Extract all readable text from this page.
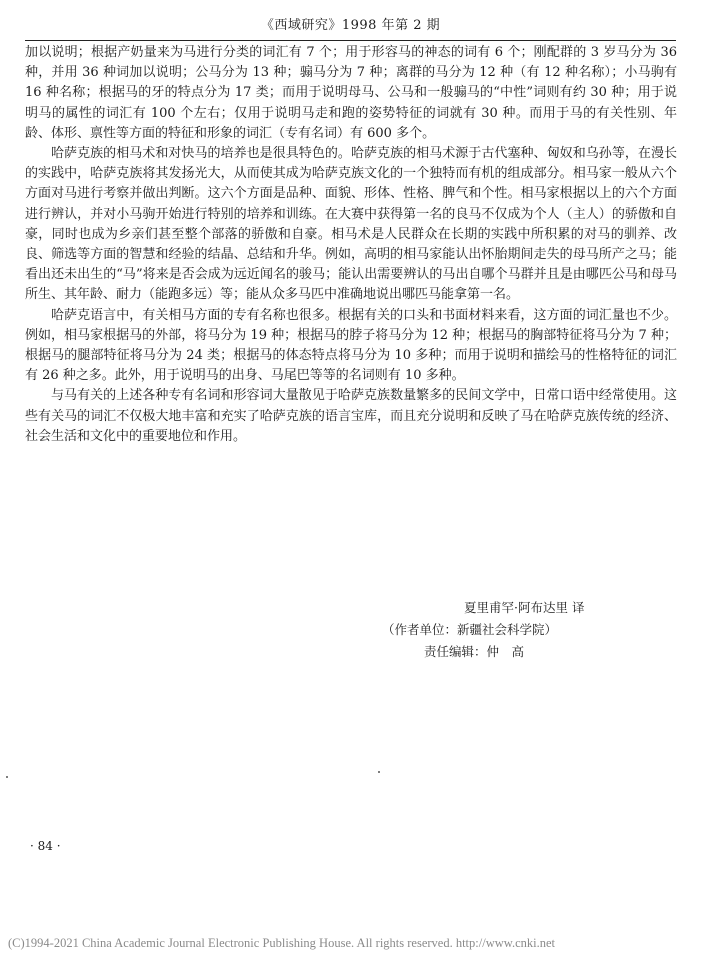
《西域研究》1998 年第 2 期

加以说明；根据产奶量来为马进行分类的词汇有 7 个；用于形容马的神态的词有 6 个；刚配群的 3 岁马分为 36 种，并用 36 种词加以说明；公马分为 13 种；骟马分为 7 种；离群的马分为 12 种（有 12 种名称）；小马驹有 16 种名称；根据马的牙的特点分为 17 类；而用于说明母马、公马和一般骟马的“中性”词则有约 30 种；用于说明马的属性的词汇有 100 个左右；仅用于说明马走和跑的姿势特征的词就有 30 种。而用于马的有关性别、年龄、体形、禀性等方面的特征和形象的词汇（专有名词）有 600 多个。

哈萨克族的相马术和对快马的培养也是很具特色的。哈萨克族的相马术源于古代塞种、匈奴和乌孙等，在漫长的实践中，哈萨克族将其发扬光大，从而使其成为哈萨克族文化的一个独特而有机的组成部分。相马家一般从六个方面对马进行考察并做出判断。这六个方面是品种、面貌、形体、性格、脾气和个性。相马家根据以上的六个方面进行辨认，并对小马驹开始进行特别的培养和训练。在大赛中获得第一名的良马不仅成为个人（主人）的骄傲和自豪，同时也成为乡亲们甚至整个部落的骄傲和自豪。相马术是人民群众在长期的实践中所积累的对马的驯养、改良、筛选等方面的智慧和经验的结晶、总结和升华。例如，高明的相马家能认出怀胎期间走失的母马所产之马；能看出还未出生的“马”将来是否会成为远近闻名的骏马；能认出需要辨认的马出自哪个马群并且是由哪匹公马和母马所生、其年龄、耐力（能跑多远）等；能从众多马匹中准确地说出哪匹马能拿第一名。

哈萨克语言中，有关相马方面的专有名称也很多。根据有关的口头和书面材料来看，这方面的词汇量也不少。例如，相马家根据马的外部，将马分为 19 种；根据马的脖子将马分为 12 种；根据马的胸部特征将马分为 7 种；根据马的腿部特征将马分为 24 类；根据马的体态特点将马分为 10 多种；而用于说明和描绘马的性格特征的词汇有 26 种之多。此外，用于说明马的出身、马尾巴等等的名词则有 10 多种。

与马有关的上述各种专有名词和形容词大量散见于哈萨克族数量繁多的民间文学中，日常口语中经常使用。这些有关马的词汇不仅极大地丰富和充实了哈萨克族的语言宝库，而且充分说明和反映了马在哈萨克族传统的经济、社会生活和文化中的重要地位和作用。

夏里甫罕·阿布达里 译
（作者单位：新疆社会科学院）
责任编辑：仲　高
· 84 ·
(C)1994-2021 China Academic Journal Electronic Publishing House. All rights reserved. http://www.cnki.net
